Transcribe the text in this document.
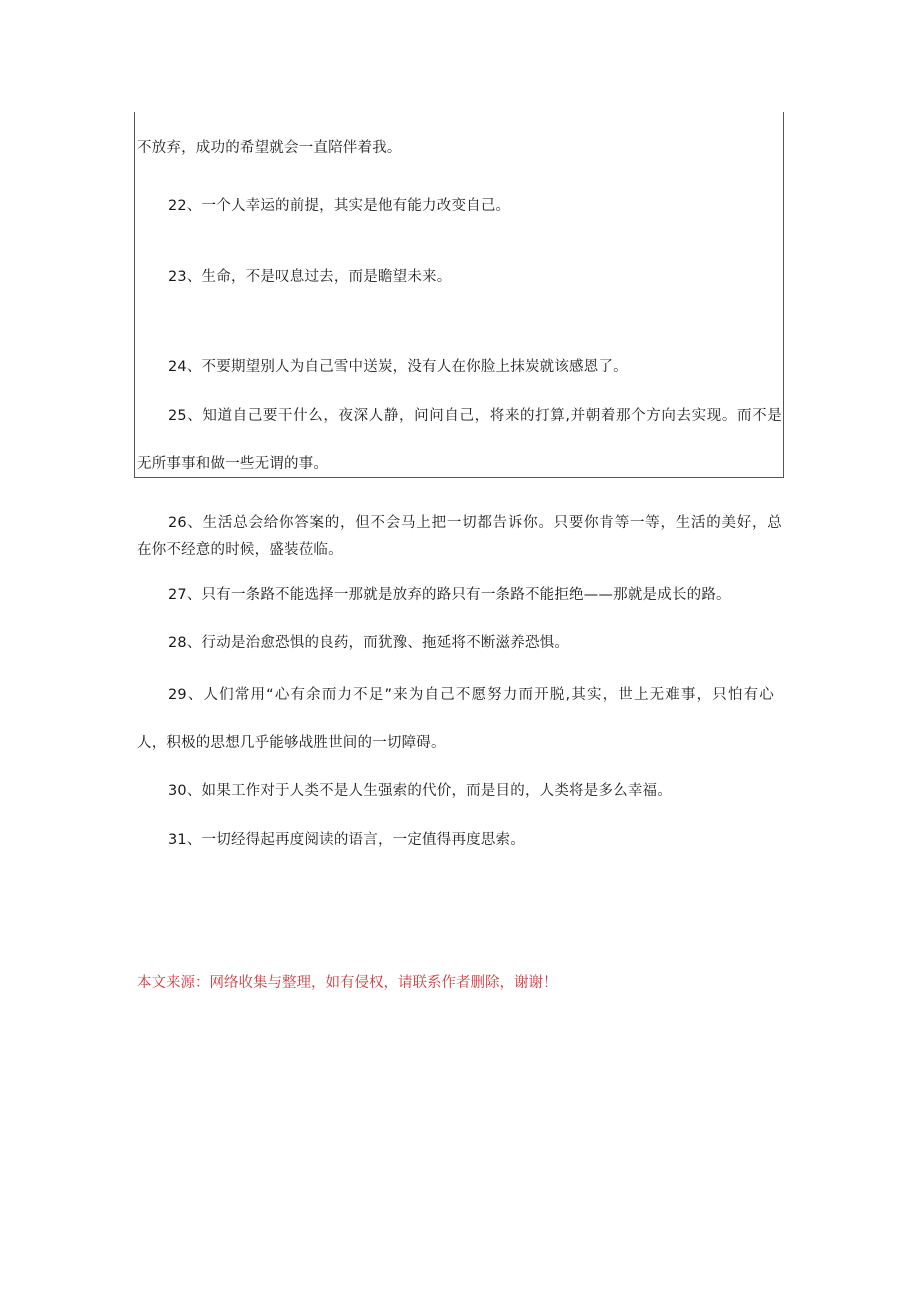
不放弃，成功的希望就会一直陪伴着我。
22、一个人幸运的前提，其实是他有能力改变自己。
23、生命，不是叹息过去，而是瞻望未来。
24、不要期望别人为自己雪中送炭，没有人在你脸上抹炭就该感恩了。
25、知道自己要干什么，夜深人静，问问自己，将来的打算,并朝着那个方向去实现。而不是
无所事事和做一些无谓的事。
26、生活总会给你答案的，但不会马上把一切都告诉你。只要你肯等一等，生活的美好，总
在你不经意的时候，盛装莅临。
27、只有一条路不能选择一那就是放弃的路只有一条路不能拒绝——那就是成长的路。
28、行动是治愈恐惧的良药，而犹豫、拖延将不断滋养恐惧。
29、人们常用“心有余而力不足”来为自己不愿努力而开脱,其实，世上无难事，只怕有心
人，积极的思想几乎能够战胜世间的一切障碍。
30、如果工作对于人类不是人生强索的代价，而是目的，人类将是多么幸福。
31、一切经得起再度阅读的语言，一定值得再度思索。
本文来源：网络收集与整理，如有侵权，请联系作者删除，谢谢！
